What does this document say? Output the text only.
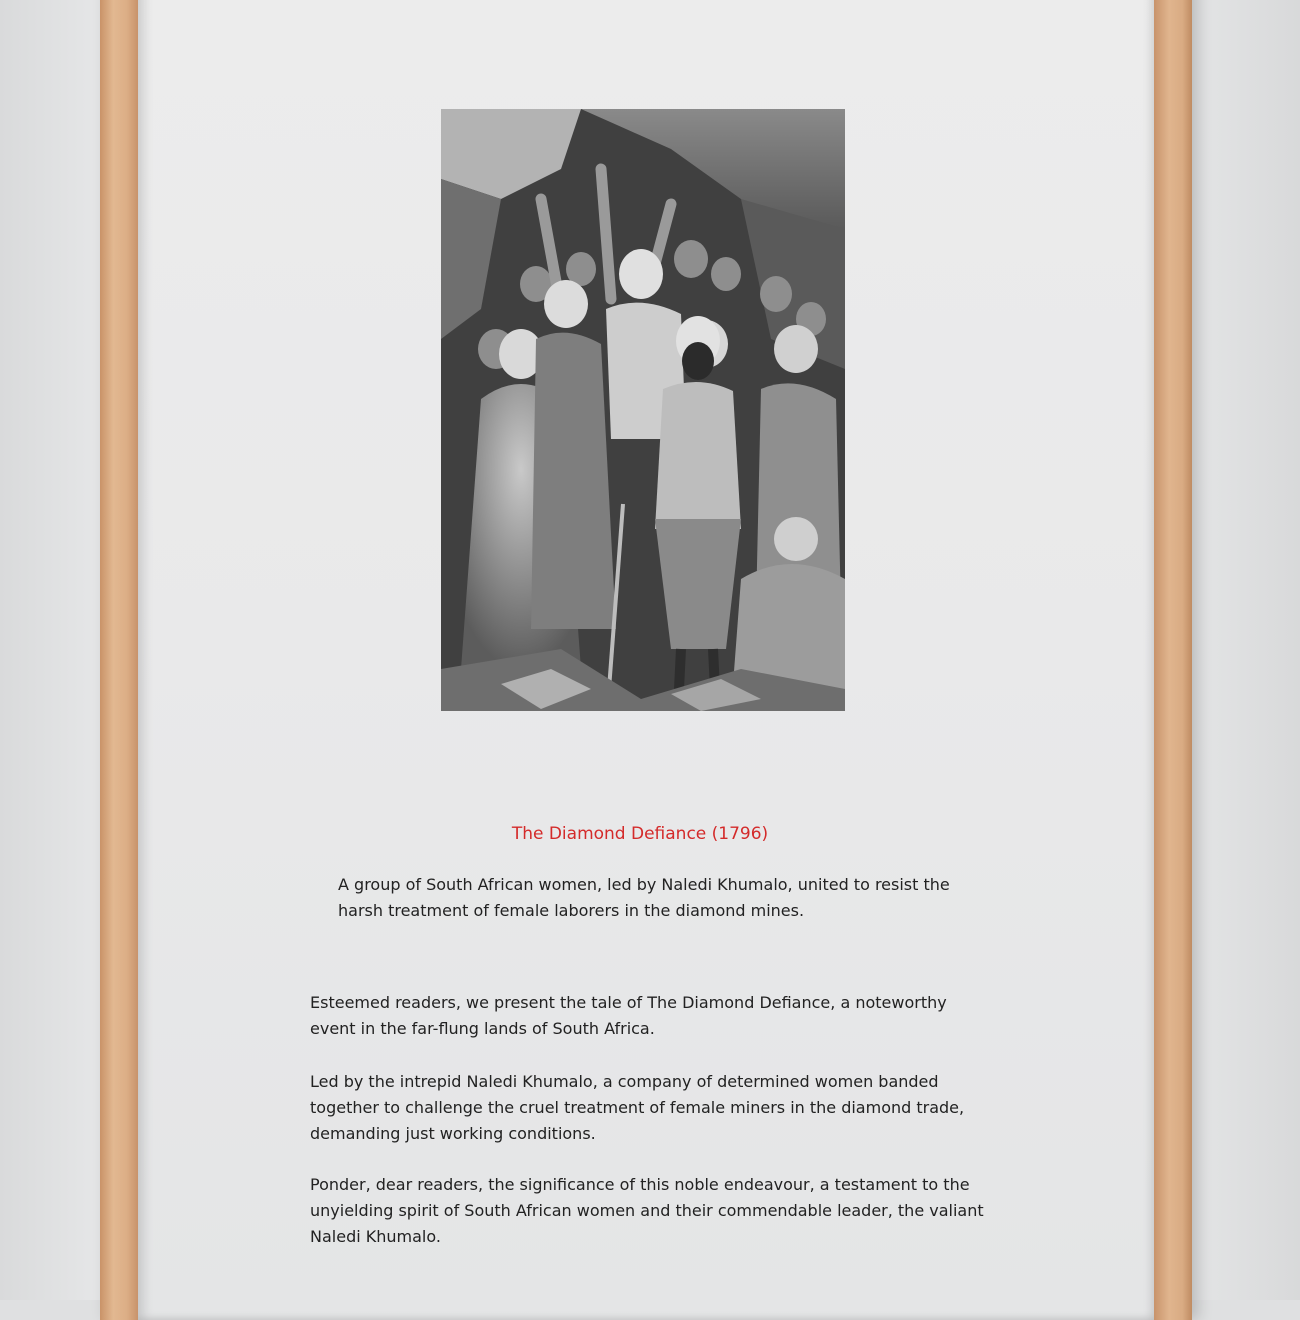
The Diamond Defiance (1796)
A group of South African women, led by Naledi Khumalo, united to resist the harsh treatment of female laborers in the diamond mines.

Esteemed readers, we present the tale of The Diamond Defiance, a noteworthy event in the far-flung lands of South Africa.

Led by the intrepid Naledi Khumalo, a company of determined women banded together to challenge the cruel treatment of female miners in the diamond trade, demanding just working conditions.

Ponder, dear readers, the significance of this noble endeavour, a testament to the unyielding spirit of South African women and their commendable leader, the valiant Naledi Khumalo.
